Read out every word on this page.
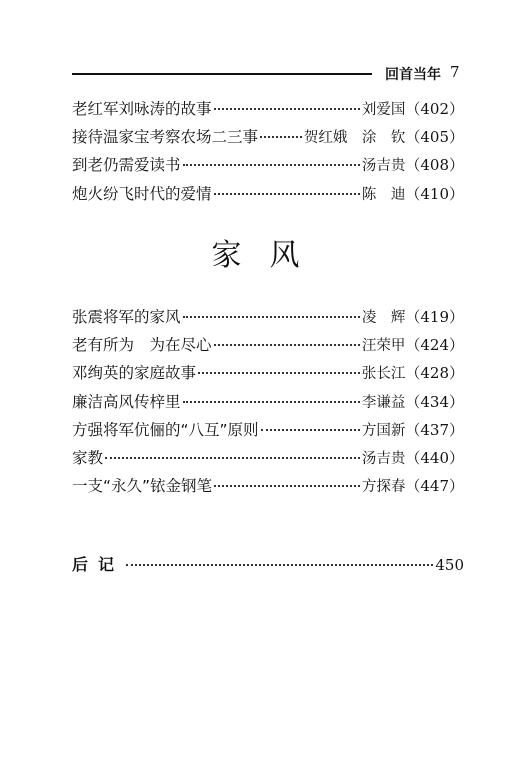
回首当年 7
老红军刘咏涛的故事	刘爱国 （402）
接待温家宝考察农场二三事	贺红娥　涂　钦 （405）
到老仍需爱读书	汤吉贵 （408）
炮火纷飞时代的爱情	陈　迪 （410）
家风
张震将军的家风	凌　辉 （419）
老有所为　为在尽心	汪荣甲 （424）
邓绚英的家庭故事	张长江 （428）
廉洁高风传梓里	李谦益 （434）
方强将军伉俪的“八互”原则	方国新 （437）
家教	汤吉贵 （440）
一支“永久”铱金钢笔	方探春 （447）
后记	450
